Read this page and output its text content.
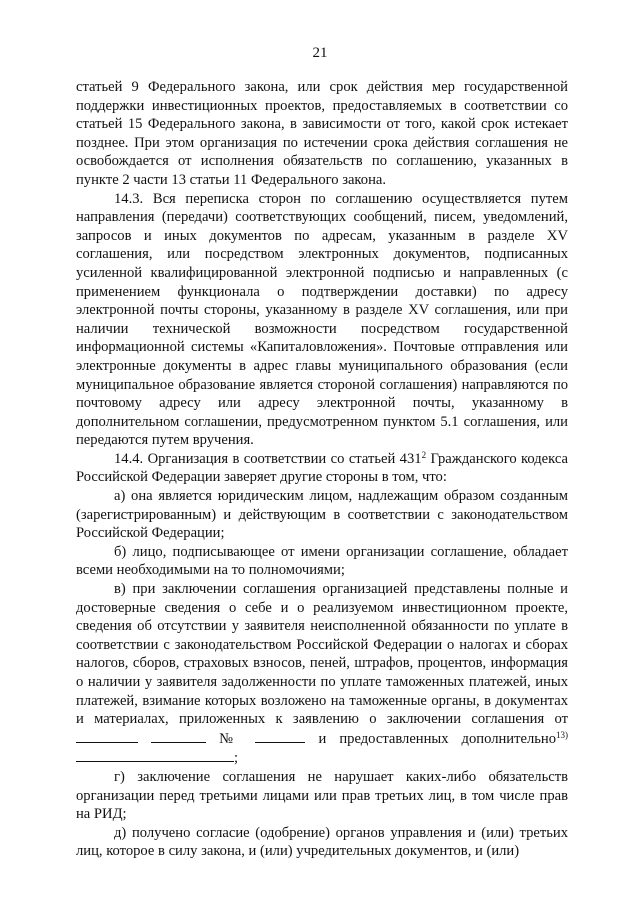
21

статьей 9 Федерального закона, или срок действия мер государственной поддержки инвестиционных проектов, предоставляемых в соответствии со статьей 15 Федерального закона, в зависимости от того, какой срок истекает позднее. При этом организация по истечении срока действия соглашения не освобождается от исполнения обязательств по соглашению, указанных в пункте 2 части 13 статьи 11 Федерального закона.

14.3. Вся переписка сторон по соглашению осуществляется путем направления (передачи) соответствующих сообщений, писем, уведомлений, запросов и иных документов по адресам, указанным в разделе XV соглашения, или посредством электронных документов, подписанных усиленной квалифицированной электронной подписью и направленных (с применением функционала о подтверждении доставки) по адресу электронной почты стороны, указанному в разделе XV соглашения, или при наличии технической возможности посредством государственной информационной системы «Капиталовложения». Почтовые отправления или электронные документы в адрес главы муниципального образования (если муниципальное образование является стороной соглашения) направляются по почтовому адресу или адресу электронной почты, указанному в дополнительном соглашении, предусмотренном пунктом 5.1 соглашения, или передаются путем вручения.

14.4. Организация в соответствии со статьей $431^2$ Гражданского кодекса Российской Федерации заверяет другие стороны в том, что:

а) она является юридическим лицом, надлежащим образом созданным (зарегистрированным) и действующим в соответствии с законодательством Российской Федерации;

б) лицо, подписывающее от имени организации соглашение, обладает всеми необходимыми на то полномочиями;

в) при заключении соглашения организацией представлены полные и достоверные сведения о себе и о реализуемом инвестиционном проекте, сведения об отсутствии у заявителя неисполненной обязанности по уплате в соответствии с законодательством Российской Федерации о налогах и сборах налогов, сборов, страховых взносов, пеней, штрафов, процентов, информация о наличии у заявителя задолженности по уплате таможенных платежей, иных платежей, взимание которых возложено на таможенные органы, в документах и материалах, приложенных к заявлению о заключении соглашения от   №	и предоставленных дополнительно$^{13)}$ ;

г) заключение соглашения не нарушает каких-либо обязательств организации перед третьими лицами или прав третьих лиц, в том числе прав на РИД;

д) получено согласие (одобрение) органов управления и (или) третьих лиц, которое в силу закона, и (или) учредительных документов, и (или)
